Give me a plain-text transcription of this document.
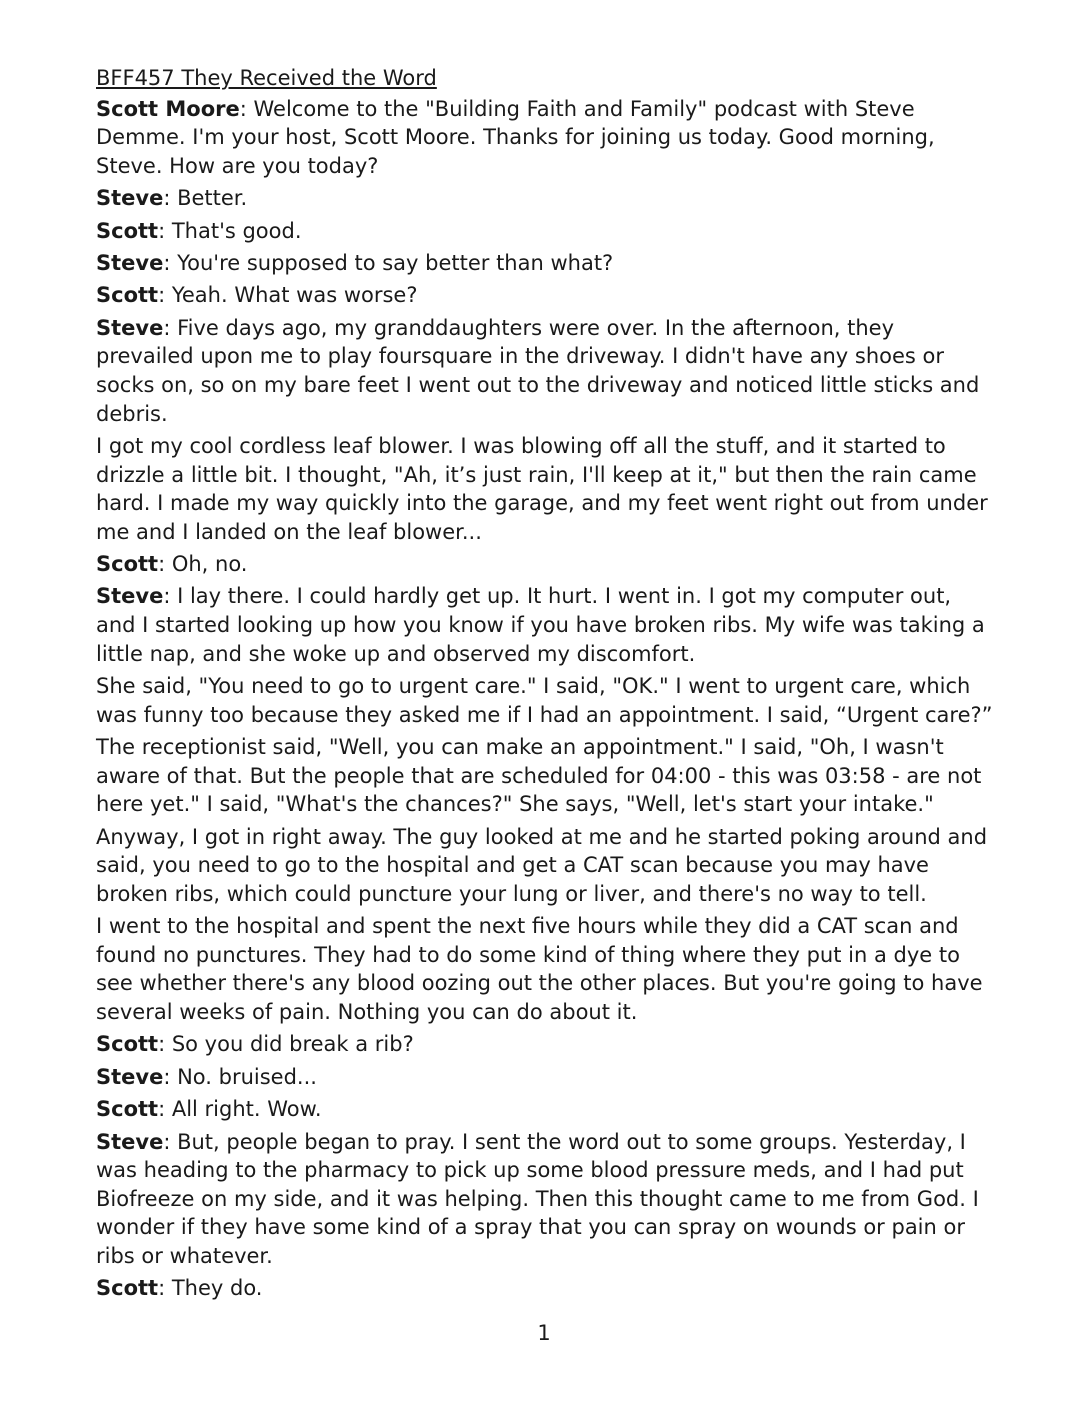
BFF457 They Received the Word

Scott Moore: Welcome to the "Building Faith and Family" podcast with Steve Demme. I'm your host, Scott Moore. Thanks for joining us today. Good morning, Steve. How are you today?

Steve: Better.

Scott: That's good.

Steve: You're supposed to say better than what?

Scott: Yeah. What was worse?

Steve: Five days ago, my granddaughters were over. In the afternoon, they prevailed upon me to play foursquare in the driveway. I didn't have any shoes or socks on, so on my bare feet I went out to the driveway and noticed little sticks and debris.

I got my cool cordless leaf blower. I was blowing off all the stuff, and it started to drizzle a little bit. I thought, "Ah, it’s just rain, I'll keep at it," but then the rain came hard. I made my way quickly into the garage, and my feet went right out from under me and I landed on the leaf blower...

Scott: Oh, no.

Steve: I lay there. I could hardly get up. It hurt. I went in. I got my computer out, and I started looking up how you know if you have broken ribs. My wife was taking a little nap, and she woke up and observed my discomfort.

She said, "You need to go to urgent care." I said, "OK." I went to urgent care, which was funny too because they asked me if I had an appointment. I said, “Urgent care?”

The receptionist said, "Well, you can make an appointment." I said, "Oh, I wasn't aware of that. But the people that are scheduled for 04:00 - this was 03:58 - are not here yet." I said, "What's the chances?" She says, "Well, let's start your intake."

Anyway, I got in right away. The guy looked at me and he started poking around and said, you need to go to the hospital and get a CAT scan because you may have broken ribs, which could puncture your lung or liver, and there's no way to tell.

I went to the hospital and spent the next five hours while they did a CAT scan and found no punctures. They had to do some kind of thing where they put in a dye to see whether there's any blood oozing out the other places. But you're going to have several weeks of pain. Nothing you can do about it.

Scott: So you did break a rib?

Steve: No. bruised...

Scott: All right. Wow.

Steve: But, people began to pray. I sent the word out to some groups. Yesterday, I was heading to the pharmacy to pick up some blood pressure meds, and I had put Biofreeze on my side, and it was helping. Then this thought came to me from God. I wonder if they have some kind of a spray that you can spray on wounds or pain or ribs or whatever.

Scott: They do.

1
